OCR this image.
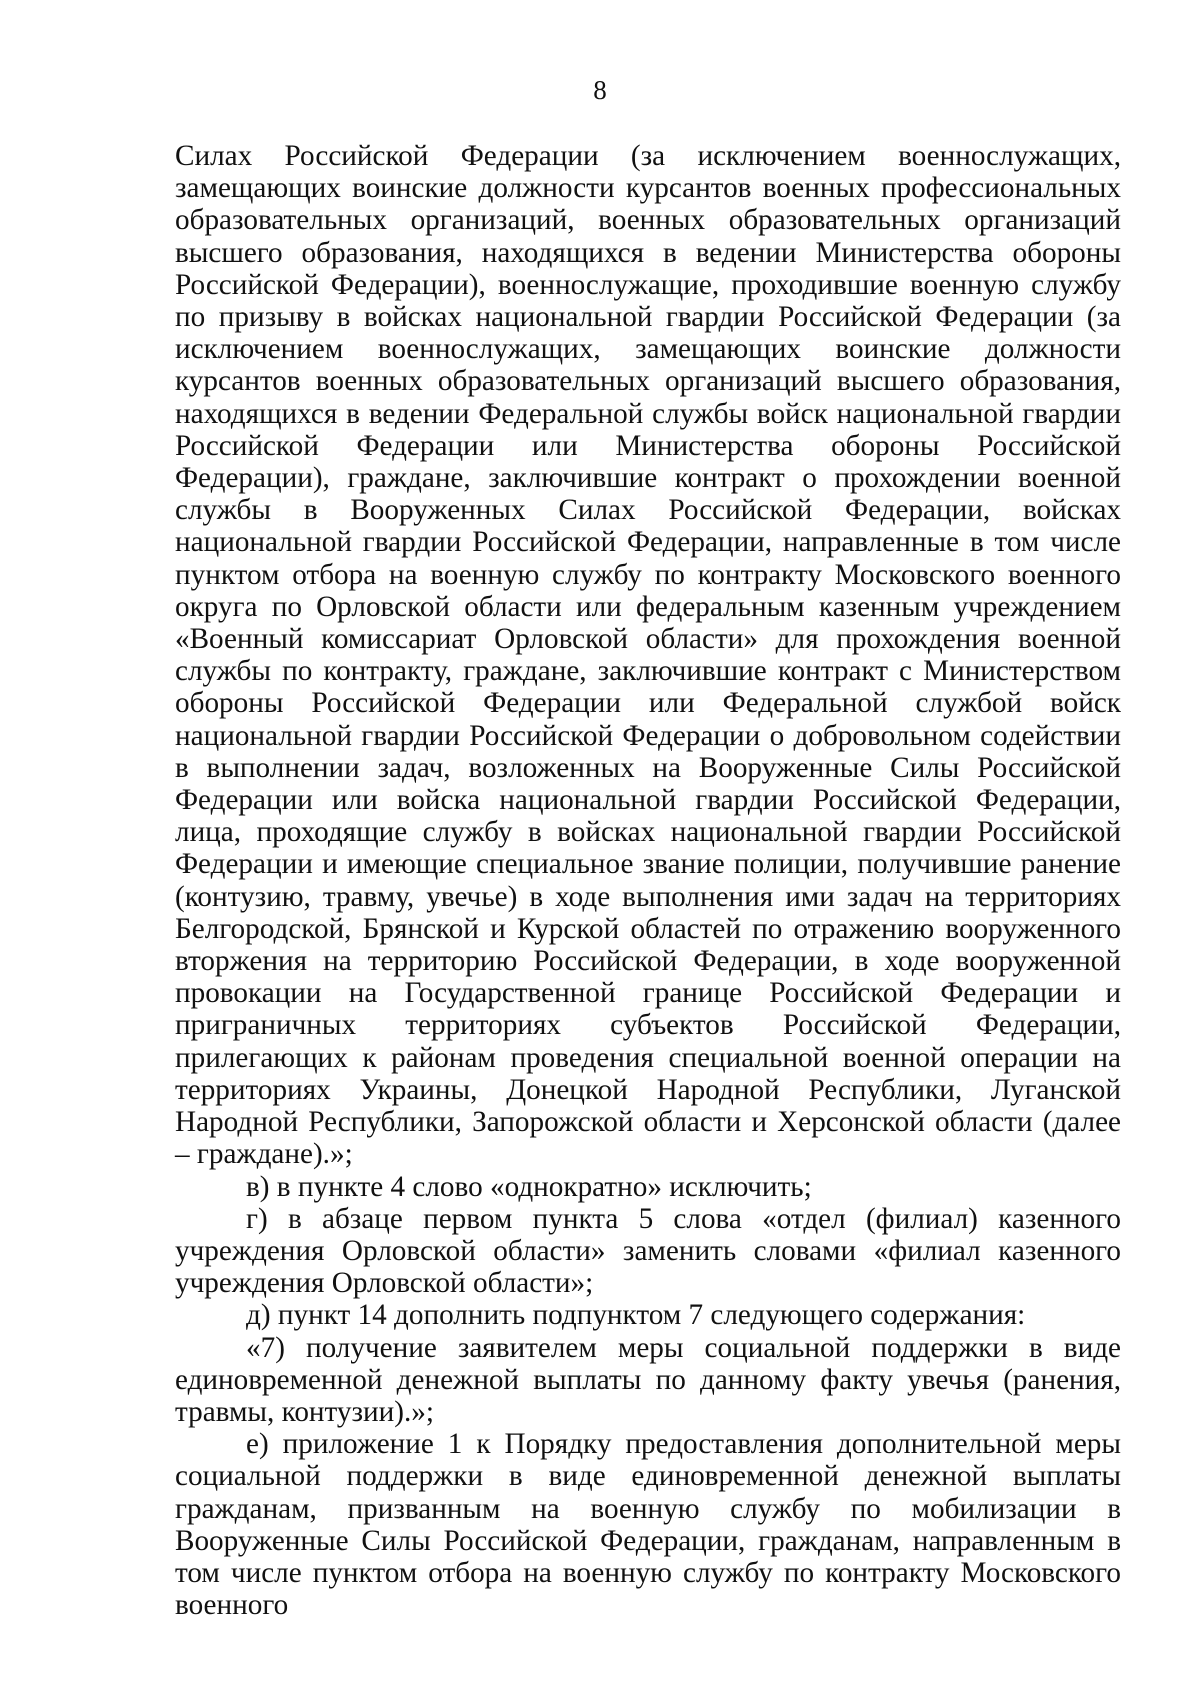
8

Силах Российской Федерации (за исключением военнослужащих, замещающих воинские должности курсантов военных профессиональных образовательных организаций, военных образовательных организаций высшего образования, находящихся в ведении Министерства обороны Российской Федерации), военнослужащие, проходившие военную службу по призыву в войсках национальной гвардии Российской Федерации (за исключением военнослужащих, замещающих воинские должности курсантов военных образовательных организаций высшего образования, находящихся в ведении Федеральной службы войск национальной гвардии Российской Федерации или Министерства обороны Российской Федерации), граждане, заключившие контракт о прохождении военной службы в Вооруженных Силах Российской Федерации, войсках национальной гвардии Российской Федерации, направленные в том числе пунктом отбора на военную службу по контракту Московского военного округа по Орловской области или федеральным казенным учреждением «Военный комиссариат Орловской области» для прохождения военной службы по контракту, граждане, заключившие контракт с Министерством обороны Российской Федерации или Федеральной службой войск национальной гвардии Российской Федерации о добровольном содействии в выполнении задач, возложенных на Вооруженные Силы Российской Федерации или войска национальной гвардии Российской Федерации, лица, проходящие службу в войсках национальной гвардии Российской Федерации и имеющие специальное звание полиции, получившие ранение (контузию, травму, увечье) в ходе выполнения ими задач на территориях Белгородской, Брянской и Курской областей по отражению вооруженного вторжения на территорию Российской Федерации, в ходе вооруженной провокации на Государственной границе Российской Федерации и приграничных территориях субъектов Российской Федерации, прилегающих к районам проведения специальной военной операции на территориях Украины, Донецкой Народной Республики, Луганской Народной Республики, Запорожской области и Херсонской области (далее – граждане).»;

в) в пункте 4 слово «однократно» исключить;

г) в абзаце первом пункта 5 слова «отдел (филиал) казенного учреждения Орловской области» заменить словами «филиал казенного учреждения Орловской области»;

д) пункт 14 дополнить подпунктом 7 следующего содержания:

«7) получение заявителем меры социальной поддержки в виде единовременной денежной выплаты по данному факту увечья (ранения, травмы, контузии).»;

е) приложение 1 к Порядку предоставления дополнительной меры социальной поддержки в виде единовременной денежной выплаты гражданам, призванным на военную службу по мобилизации в Вооруженные Силы Российской Федерации, гражданам, направленным в том числе пунктом отбора на военную службу по контракту Московского военного
